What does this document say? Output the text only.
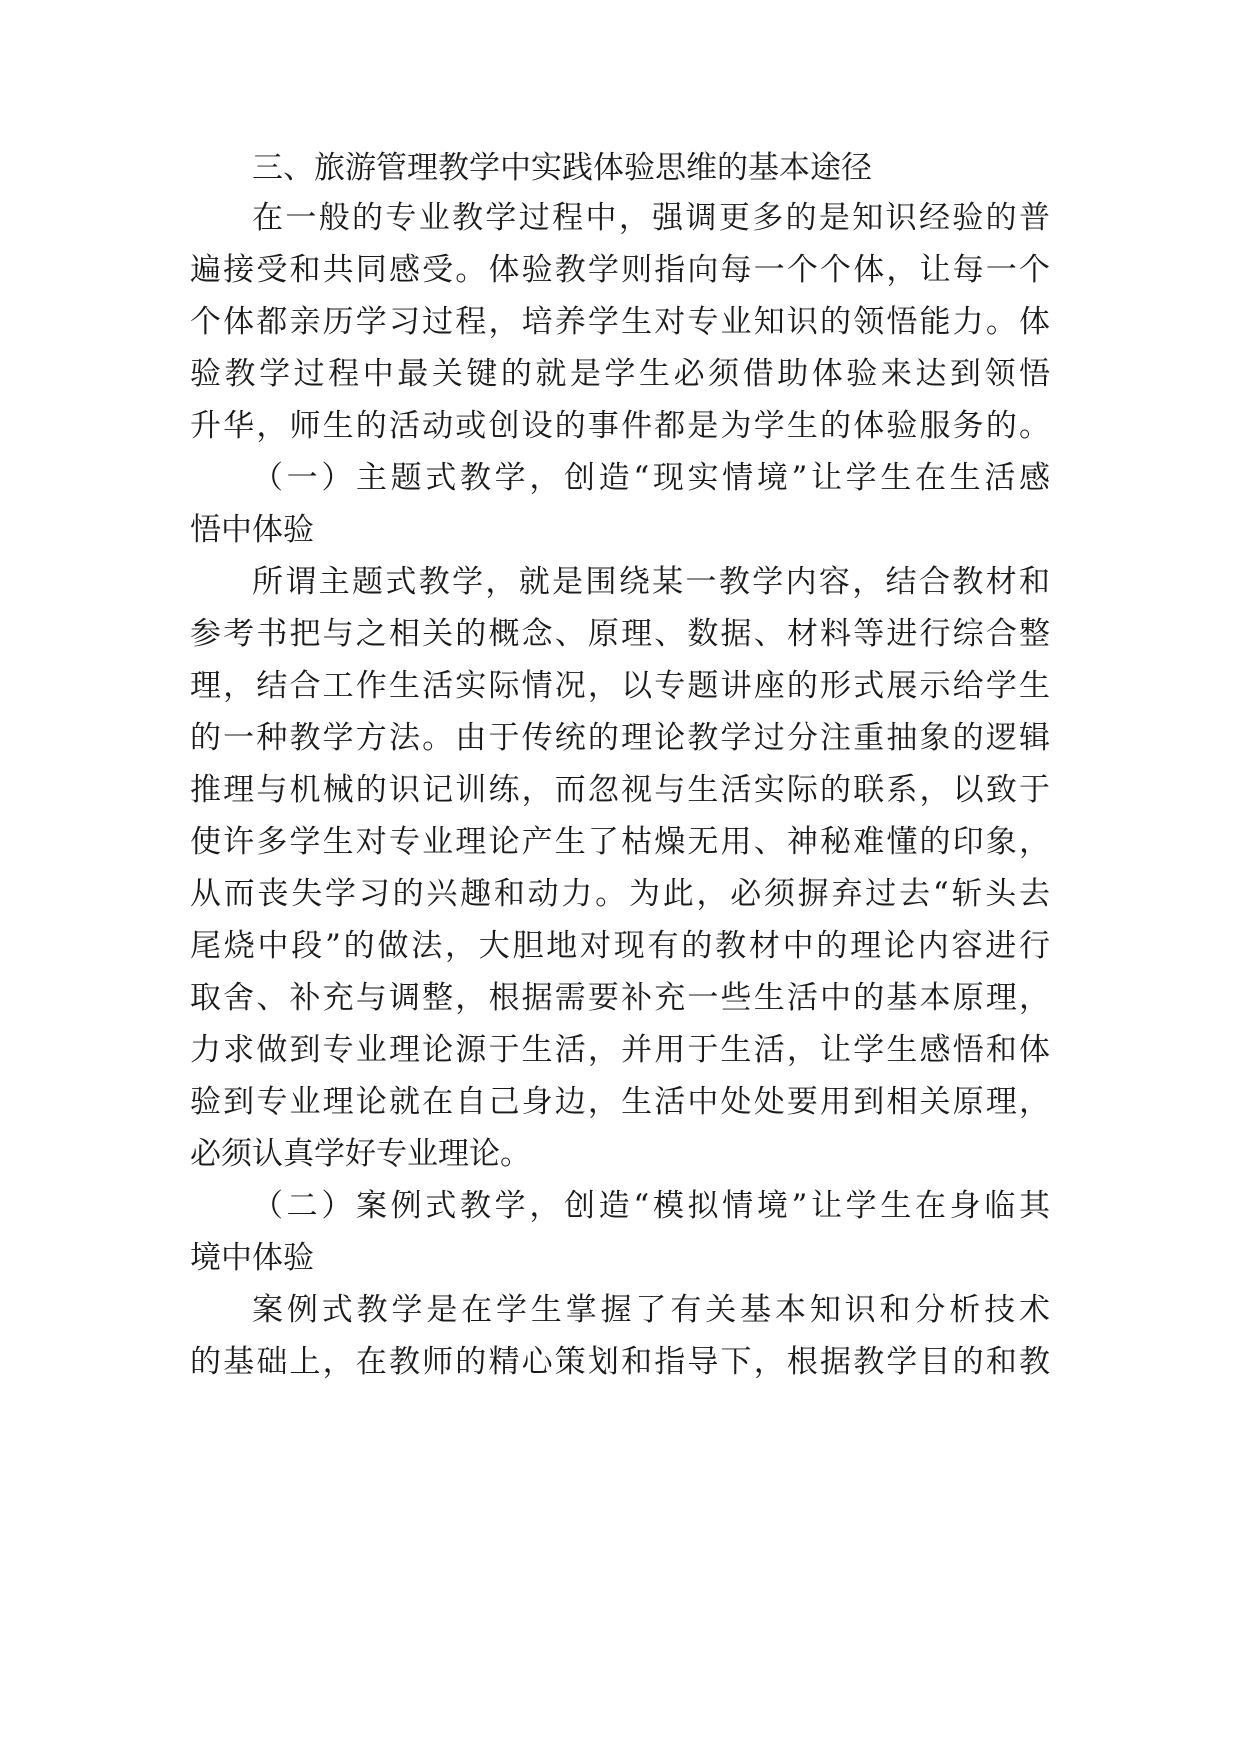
三、旅游管理教学中实践体验思维的基本途径
在一般的专业教学过程中，强调更多的是知识经验的普
遍接受和共同感受。体验教学则指向每一个个体，让每一个
个体都亲历学习过程，培养学生对专业知识的领悟能力。体
验教学过程中最关键的就是学生必须借助体验来达到领悟
升华，师生的活动或创设的事件都是为学生的体验服务的。
（一）主题式教学，创造“现实情境”让学生在生活感
悟中体验
所谓主题式教学，就是围绕某一教学内容，结合教材和
参考书把与之相关的概念、原理、数据、材料等进行综合整
理，结合工作生活实际情况，以专题讲座的形式展示给学生
的一种教学方法。由于传统的理论教学过分注重抽象的逻辑
推理与机械的识记训练，而忽视与生活实际的联系，以致于
使许多学生对专业理论产生了枯燥无用、神秘难懂的印象，
从而丧失学习的兴趣和动力。为此，必须摒弃过去“斩头去
尾烧中段”的做法，大胆地对现有的教材中的理论内容进行
取舍、补充与调整，根据需要补充一些生活中的基本原理，
力求做到专业理论源于生活，并用于生活，让学生感悟和体
验到专业理论就在自己身边，生活中处处要用到相关原理，
必须认真学好专业理论。
（二）案例式教学，创造“模拟情境”让学生在身临其
境中体验
案例式教学是在学生掌握了有关基本知识和分析技术
的基础上，在教师的精心策划和指导下，根据教学目的和教
